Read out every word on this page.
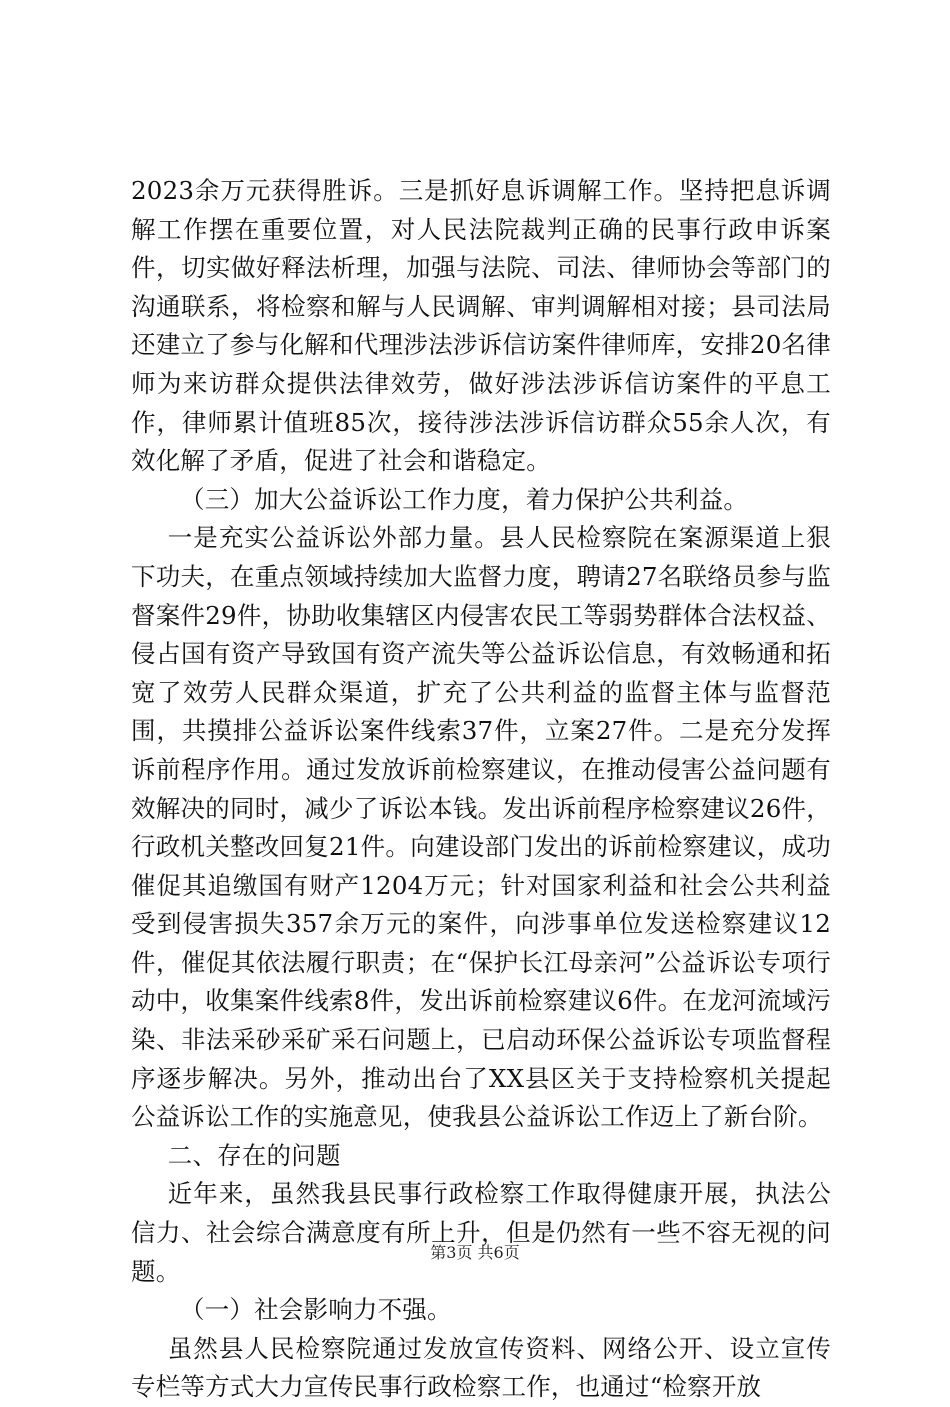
2023余万元获得胜诉。三是抓好息诉调解工作。坚持把息诉调解工作摆在重要位置，对人民法院裁判正确的民事行政申诉案件，切实做好释法析理，加强与法院、司法、律师协会等部门的沟通联系，将检察和解与人民调解、审判调解相对接；县司法局还建立了参与化解和代理涉法涉诉信访案件律师库，安排20名律师为来访群众提供法律效劳，做好涉法涉诉信访案件的平息工作，律师累计值班85次，接待涉法涉诉信访群众55余人次，有效化解了矛盾，促进了社会和谐稳定。

（三）加大公益诉讼工作力度，着力保护公共利益。

一是充实公益诉讼外部力量。县人民检察院在案源渠道上狠下功夫，在重点领域持续加大监督力度，聘请27名联络员参与监督案件29件，协助收集辖区内侵害农民工等弱势群体合法权益、侵占国有资产导致国有资产流失等公益诉讼信息，有效畅通和拓宽了效劳人民群众渠道，扩充了公共利益的监督主体与监督范围，共摸排公益诉讼案件线索37件，立案27件。二是充分发挥诉前程序作用。通过发放诉前检察建议，在推动侵害公益问题有效解决的同时，减少了诉讼本钱。发出诉前程序检察建议26件，行政机关整改回复21件。向建设部门发出的诉前检察建议，成功催促其追缴国有财产1204万元；针对国家利益和社会公共利益受到侵害损失357余万元的案件，向涉事单位发送检察建议12件，催促其依法履行职责；在“保护长江母亲河”公益诉讼专项行动中，收集案件线索8件，发出诉前检察建议6件。在龙河流域污染、非法采砂采矿采石问题上，已启动环保公益诉讼专项监督程序逐步解决。另外，推动出台了XX县区关于支持检察机关提起公益诉讼工作的实施意见，使我县公益诉讼工作迈上了新台阶。

二、存在的问题

近年来，虽然我县民事行政检察工作取得健康开展，执法公信力、社会综合满意度有所上升，但是仍然有一些不容无视的问题。

（一）社会影响力不强。

虽然县人民检察院通过发放宣传资料、网络公开、设立宣传专栏等方式大力宣传民事行政检察工作，也通过“检察开放

第3页 共6页
